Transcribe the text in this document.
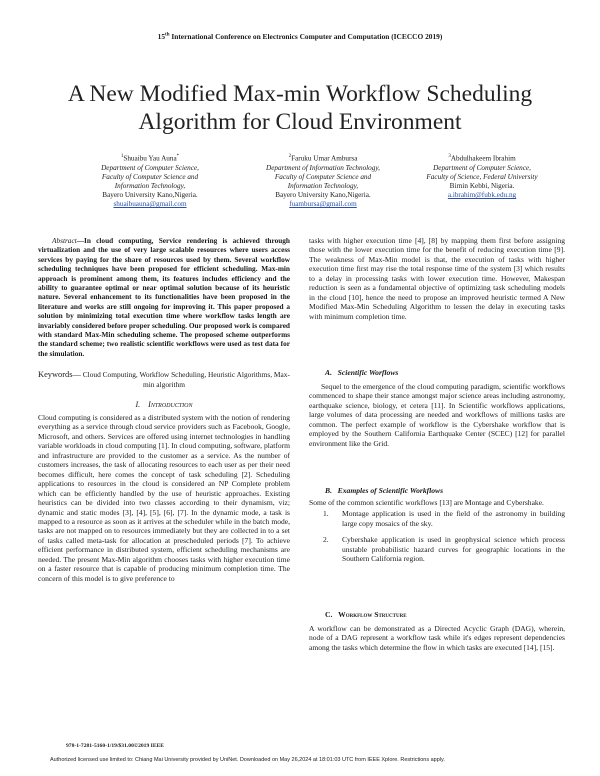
15th International Conference on Electronics Computer and Computation (ICECCO 2019)
A New Modified Max-min Workflow Scheduling
Algorithm for Cloud Environment
$^1$Shuaibu Yau Auna*
Department of Computer Science,
Faculty of Computer Science and
Information Technology,
Bayero University Kano,Nigeria.
shuaibuauna@gmail.com
$^2$Faruku Umar Ambursa
Department of Information Technology,
Faculty of Computer Science and
Information Technology,
Bayero University Kano,Nigeria.
fuambursa@gmail.com
$^3$Abdulhakeem Ibrahim
Department of Computer Science,
Faculty of Science, Federal University
Birnin Kebbi, Nigeria.
a.ibrahim@fubk.edu.ng
Abstract—In cloud computing, Service rendering is achieved through virtualization and the use of very large scalable resources where users access services by paying for the share of resources used by them. Several workflow scheduling techniques have been proposed for efficient scheduling. Max-min approach is prominent among them, its features includes efficiency and the ability to guarantee optimal or near optimal solution because of its heuristic nature. Several enhancement to its functionalities have been proposed in the literature and works are still ongoing for improving it. This paper proposed a solution by minimizing total execution time where workflow tasks length are invariably considered before proper scheduling. Our proposed work is compared with standard Max-Min scheduling scheme. The proposed scheme outperforms the standard scheme; two realistic scientific workflows were used as test data for the simulation.
Keywords— Cloud Computing, Workflow Scheduling, Heuristic Algorithms, Max-min algorithm
I. Introduction
Cloud computing is considered as a distributed system with the notion of rendering everything as a service through cloud service providers such as Facebook, Google, Microsoft, and others. Services are offered using internet technologies in handling variable workloads in cloud computing [1]. In cloud computing, software, platform and infrastructure are provided to the customer as a service. As the number of customers increases, the task of allocating resources to each user as per their need becomes difficult, here comes the concept of task scheduling [2]. Scheduling applications to resources in the cloud is considered an NP Complete problem which can be efficiently handled by the use of heuristic approaches. Existing heuristics can be divided into two classes according to their dynamism, viz; dynamic and static modes [3], [4], [5], [6], [7]. In the dynamic mode, a task is mapped to a resource as soon as it arrives at the scheduler while in the batch mode, tasks are not mapped on to resources immediately but they are collected in to a set of tasks called meta-task for allocation at prescheduled periods [7]. To achieve efficient performance in distributed system, efficient scheduling mechanisms are needed. The present Max-Min algorithm chooses tasks with higher execution time on a faster resource that is capable of producing minimum completion time. The concern of this model is to give preference to
tasks with higher execution time [4], [8] by mapping them first before assigning those with the lower execution time for the benefit of reducing execution time [9]. The weakness of Max-Min model is that, the execution of tasks with higher execution time first may rise the total response time of the system [3] which results to a delay in processing tasks with lower execution time. However, Makespan reduction is seen as a fundamental objective of optimizing task scheduling models in the cloud [10], hence the need to propose an improved heuristic termed A New Modified Max-Min Scheduling Algorithm to lessen the delay in executing tasks with minimum completion time.
A. Scientific Worflows
Sequel to the emergence of the cloud computing paradigm, scientific workflows commenced to shape their stance amongst major science areas including astronomy, earthquake science, biology, et cetera [11]. In Scientific workflows applications, large volumes of data processing are needed and workflows of millions tasks are common. The perfect example of workflow is the Cybershake workflow that is employed by the Southern California Earthquake Center (SCEC) [12] for parallel environment like the Grid.
B. Examples of Scientific Workflows
Some of the common scientific workflows [13] are Montage and Cybershake.
1. Montage application is used in the field of the astronomy in building large copy mosaics of the sky.
2. Cybershake application is used in geophysical science which process unstable probabilistic hazard curves for geographic locations in the Southern California region.
C. Workflow Structure
A workflow can be demonstrated as a Directed Acyclic Graph (DAG), wherein, node of a DAG represent a workflow task while it's edges represent dependencies among the tasks which determine the flow in which tasks are executed [14], [15].
978-1-7281-5160-1/19/$31.00©2019 IEEE
Authorized licensed use limited to: Chiang Mai University provided by UniNet. Downloaded on May 26,2024 at 18:01:03 UTC from IEEE Xplore. Restrictions apply.
